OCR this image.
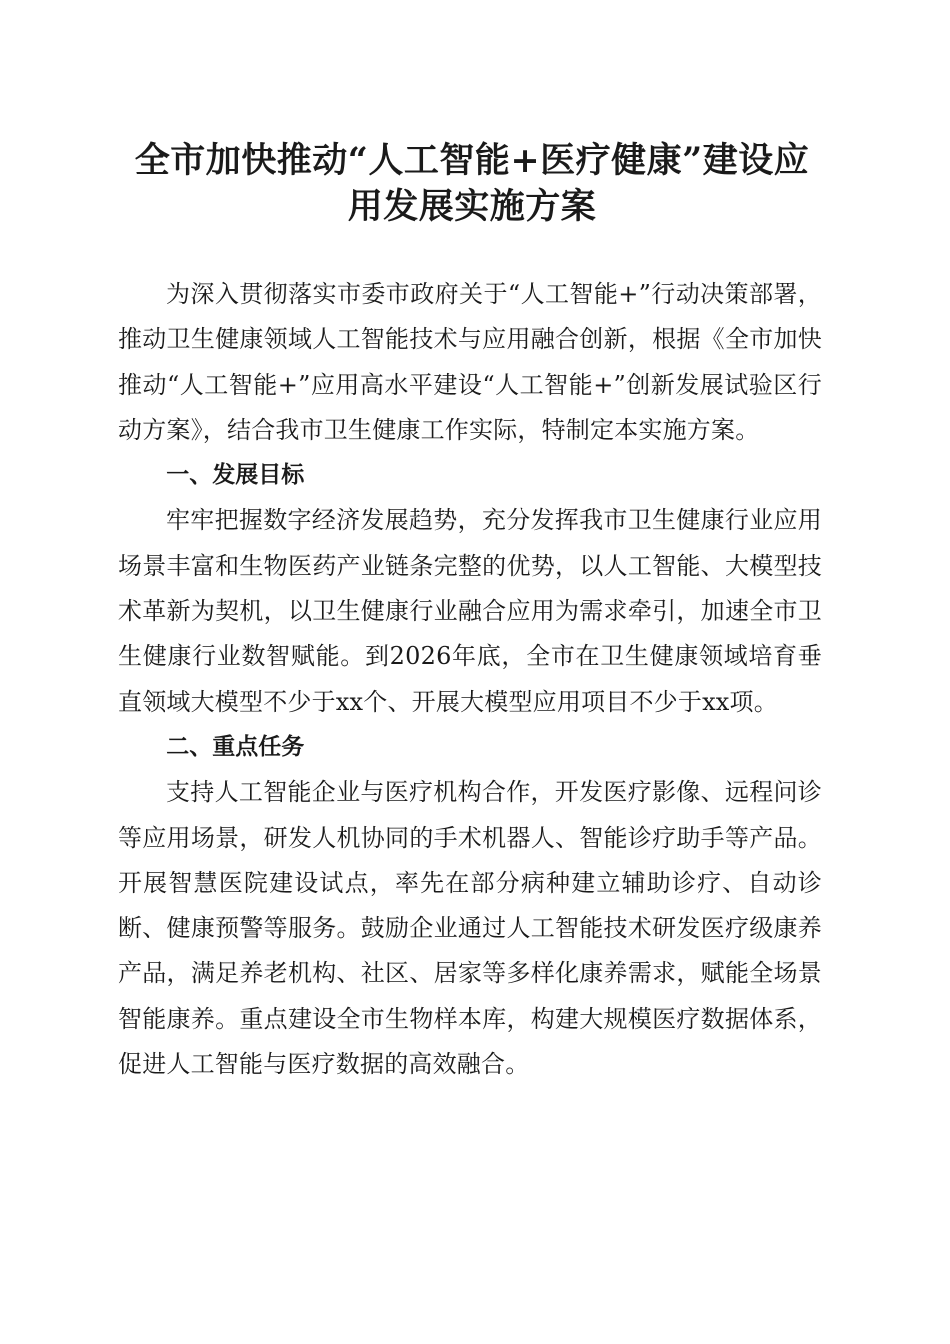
全市加快推动“人工智能+医疗健康”建设应
用发展实施方案

为深入贯彻落实市委市政府关于“人工智能+”行动决策部署，推动卫生健康领域人工智能技术与应用融合创新，根据《全市加快推动“人工智能+”应用高水平建设“人工智能+”创新发展试验区行动方案》，结合我市卫生健康工作实际，特制定本实施方案。

一、发展目标

牢牢把握数字经济发展趋势，充分发挥我市卫生健康行业应用场景丰富和生物医药产业链条完整的优势，以人工智能、大模型技术革新为契机，以卫生健康行业融合应用为需求牵引，加速全市卫生健康行业数智赋能。到2026年底，全市在卫生健康领域培育垂直领域大模型不少于xx个、开展大模型应用项目不少于xx项。

二、重点任务

支持人工智能企业与医疗机构合作，开发医疗影像、远程问诊等应用场景，研发人机协同的手术机器人、智能诊疗助手等产品。开展智慧医院建设试点，率先在部分病种建立辅助诊疗、自动诊断、健康预警等服务。鼓励企业通过人工智能技术研发医疗级康养产品，满足养老机构、社区、居家等多样化康养需求，赋能全场景智能康养。重点建设全市生物样本库，构建大规模医疗数据体系，促进人工智能与医疗数据的高效融合。
